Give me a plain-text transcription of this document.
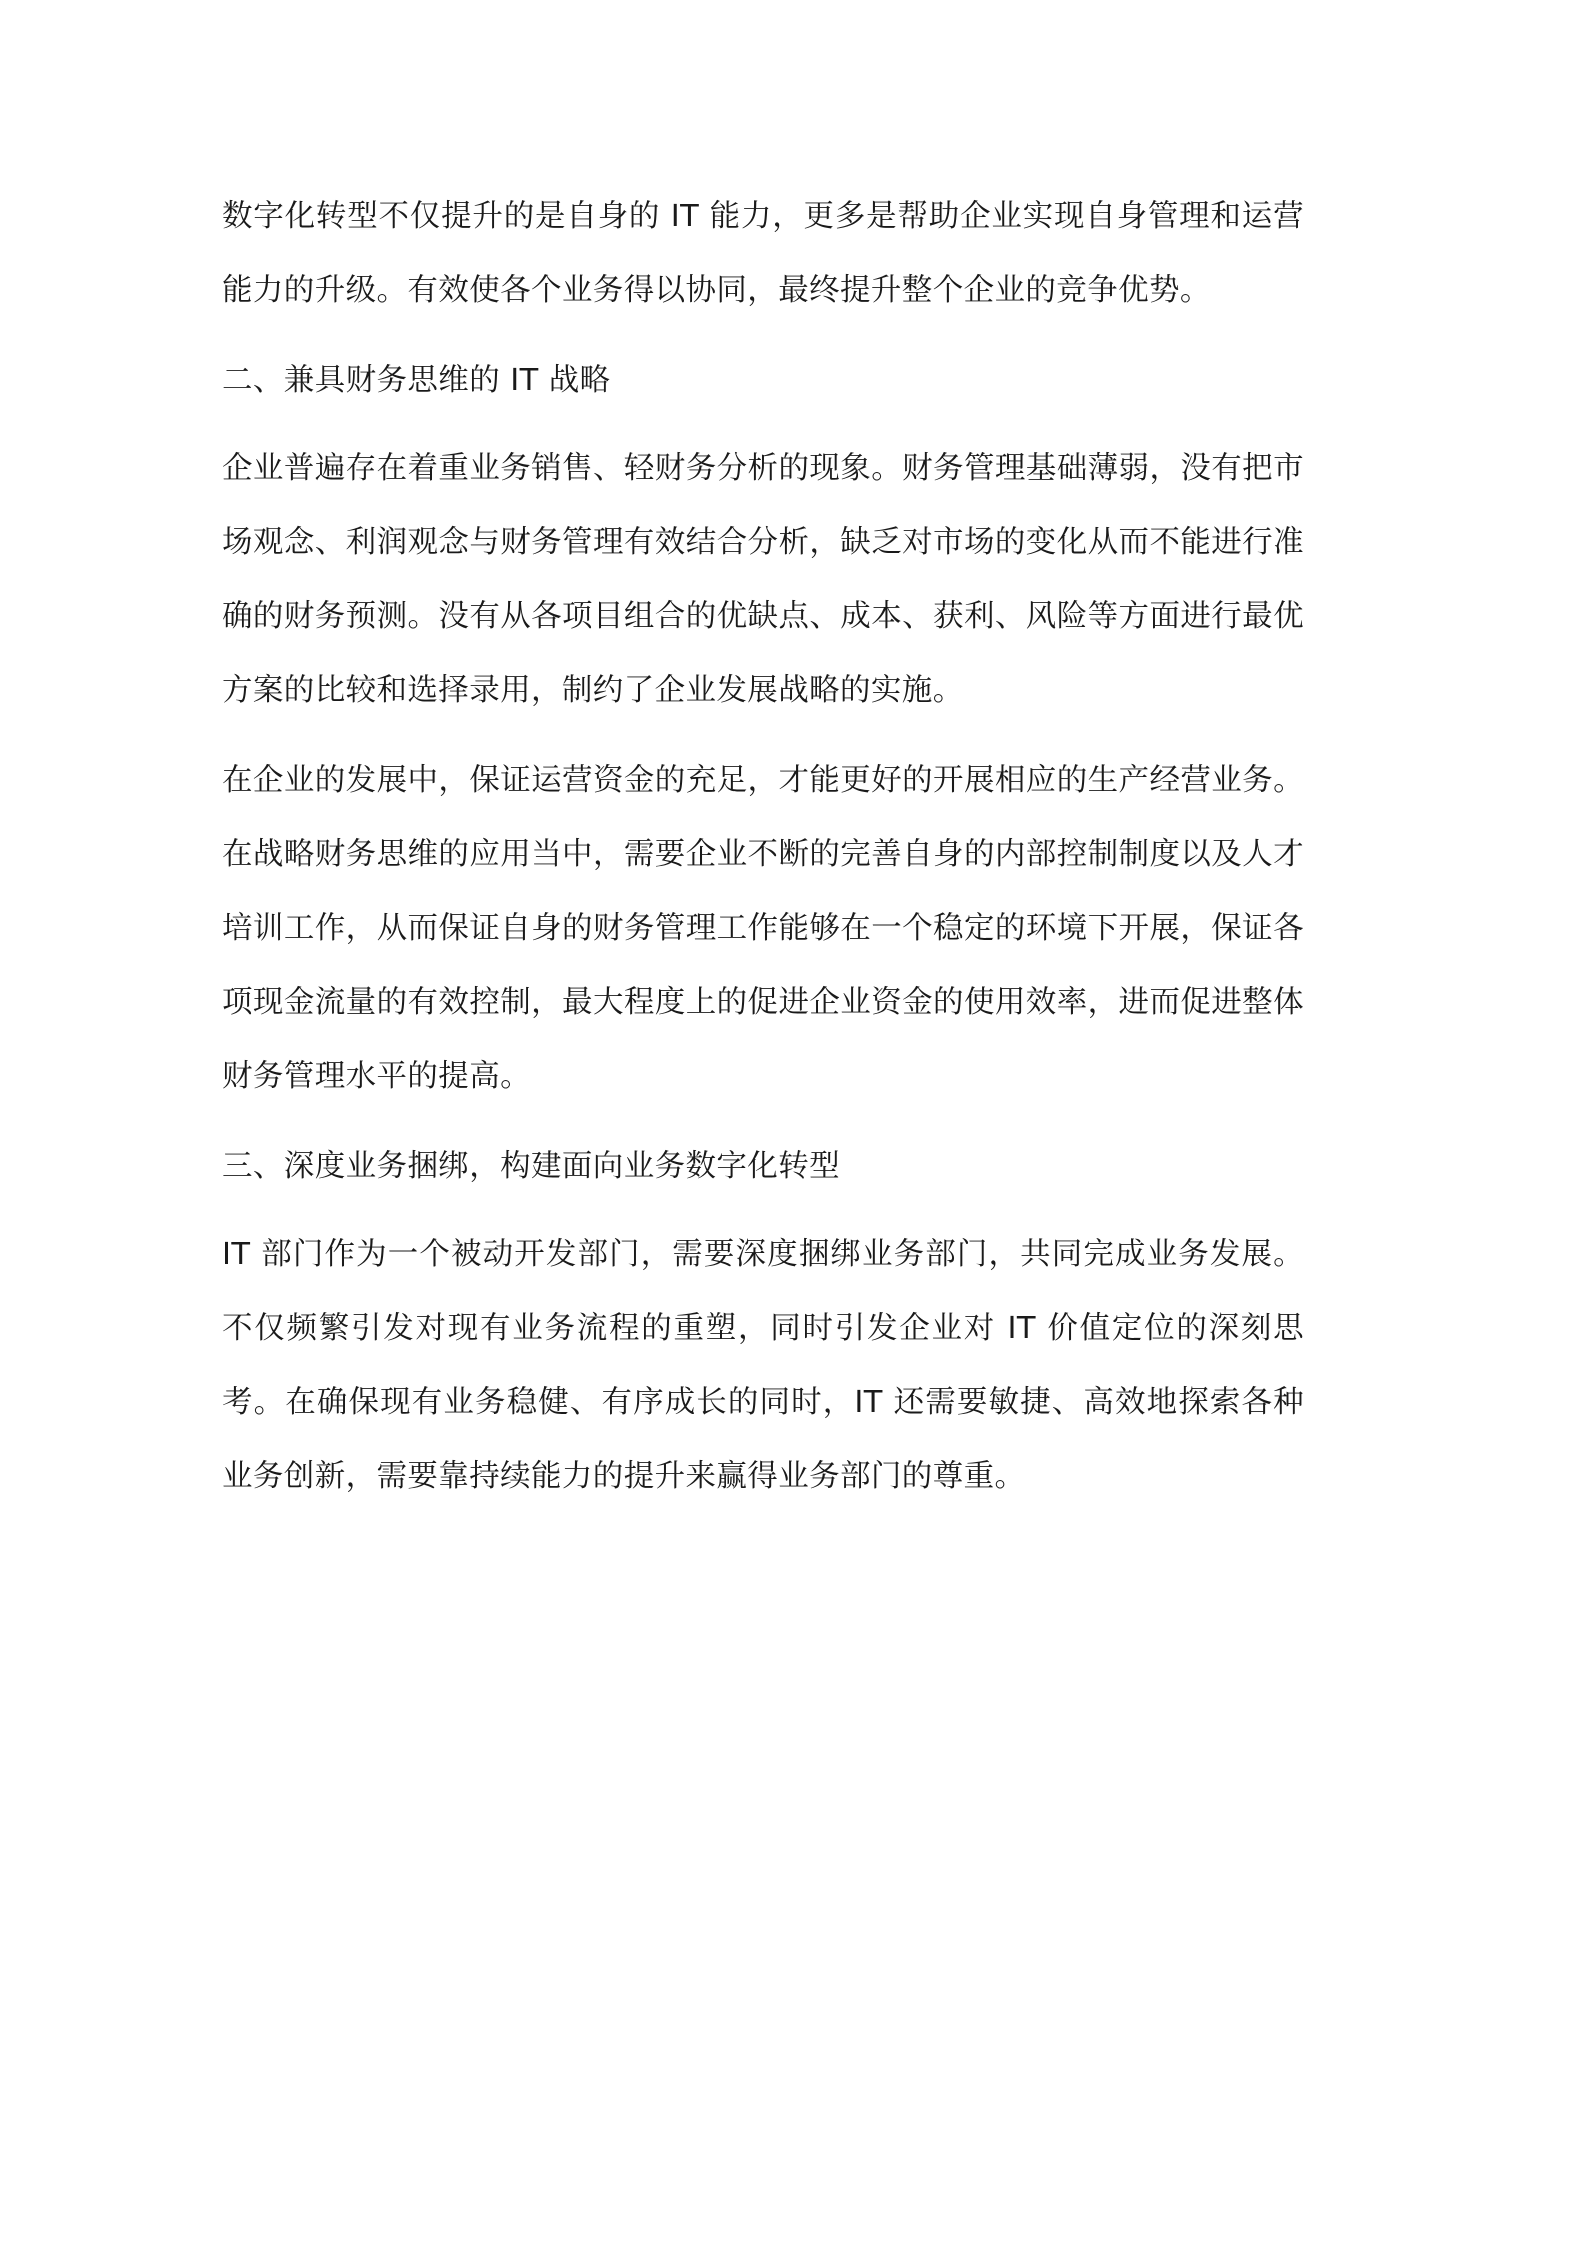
数字化转型不仅提升的是自身的 IT 能力，更多是帮助企业实现自身管理和运营能力的升级。有效使各个业务得以协同，最终提升整个企业的竞争优势。

二、兼具财务思维的 IT 战略

企业普遍存在着重业务销售、轻财务分析的现象。财务管理基础薄弱，没有把市场观念、利润观念与财务管理有效结合分析，缺乏对市场的变化从而不能进行准确的财务预测。没有从各项目组合的优缺点、成本、获利、风险等方面进行最优方案的比较和选择录用，制约了企业发展战略的实施。

在企业的发展中，保证运营资金的充足，才能更好的开展相应的生产经营业务。在战略财务思维的应用当中，需要企业不断的完善自身的内部控制制度以及人才培训工作，从而保证自身的财务管理工作能够在一个稳定的环境下开展，保证各项现金流量的有效控制，最大程度上的促进企业资金的使用效率，进而促进整体财务管理水平的提高。

三、深度业务捆绑，构建面向业务数字化转型

IT 部门作为一个被动开发部门，需要深度捆绑业务部门，共同完成业务发展。不仅频繁引发对现有业务流程的重塑，同时引发企业对 IT 价值定位的深刻思考。在确保现有业务稳健、有序成长的同时，IT 还需要敏捷、高效地探索各种业务创新，需要靠持续能力的提升来赢得业务部门的尊重。
